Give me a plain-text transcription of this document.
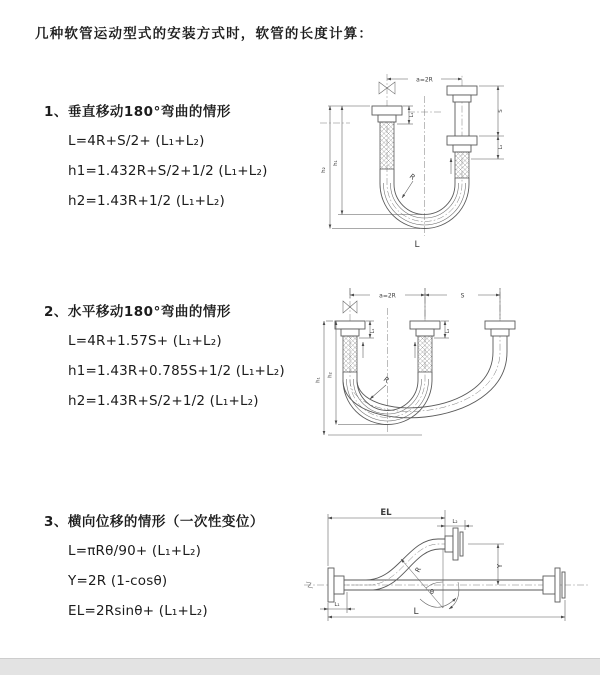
几种软管运动型式的安装方式时，软管的长度计算：
1、垂直移动180°弯曲的情形
L=4R+S/2+ (L₁+L₂)
h1=1.432R+S/2+1/2 (L₁+L₂)
h2=1.43R+1/2 (L₁+L₂)
a=2R
h₂
h₁
S
L₂
L₁
R
L
2、水平移动180°弯曲的情形
L=4R+1.57S+ (L₁+L₂)
h1=1.43R+0.785S+1/2 (L₁+L₂)
h2=1.43R+S/2+1/2 (L₁+L₂)
a=2R	S
h₁
h₂
L₁	L₂
R
3、横向位移的情形（一次性变位）
L=πRθ/90+ (L₁+L₂)
Y=2R (1-cosθ)
EL=2Rsinθ+ (L₁+L₂)
θ
R
EL
L₂
Y
L₁
L
